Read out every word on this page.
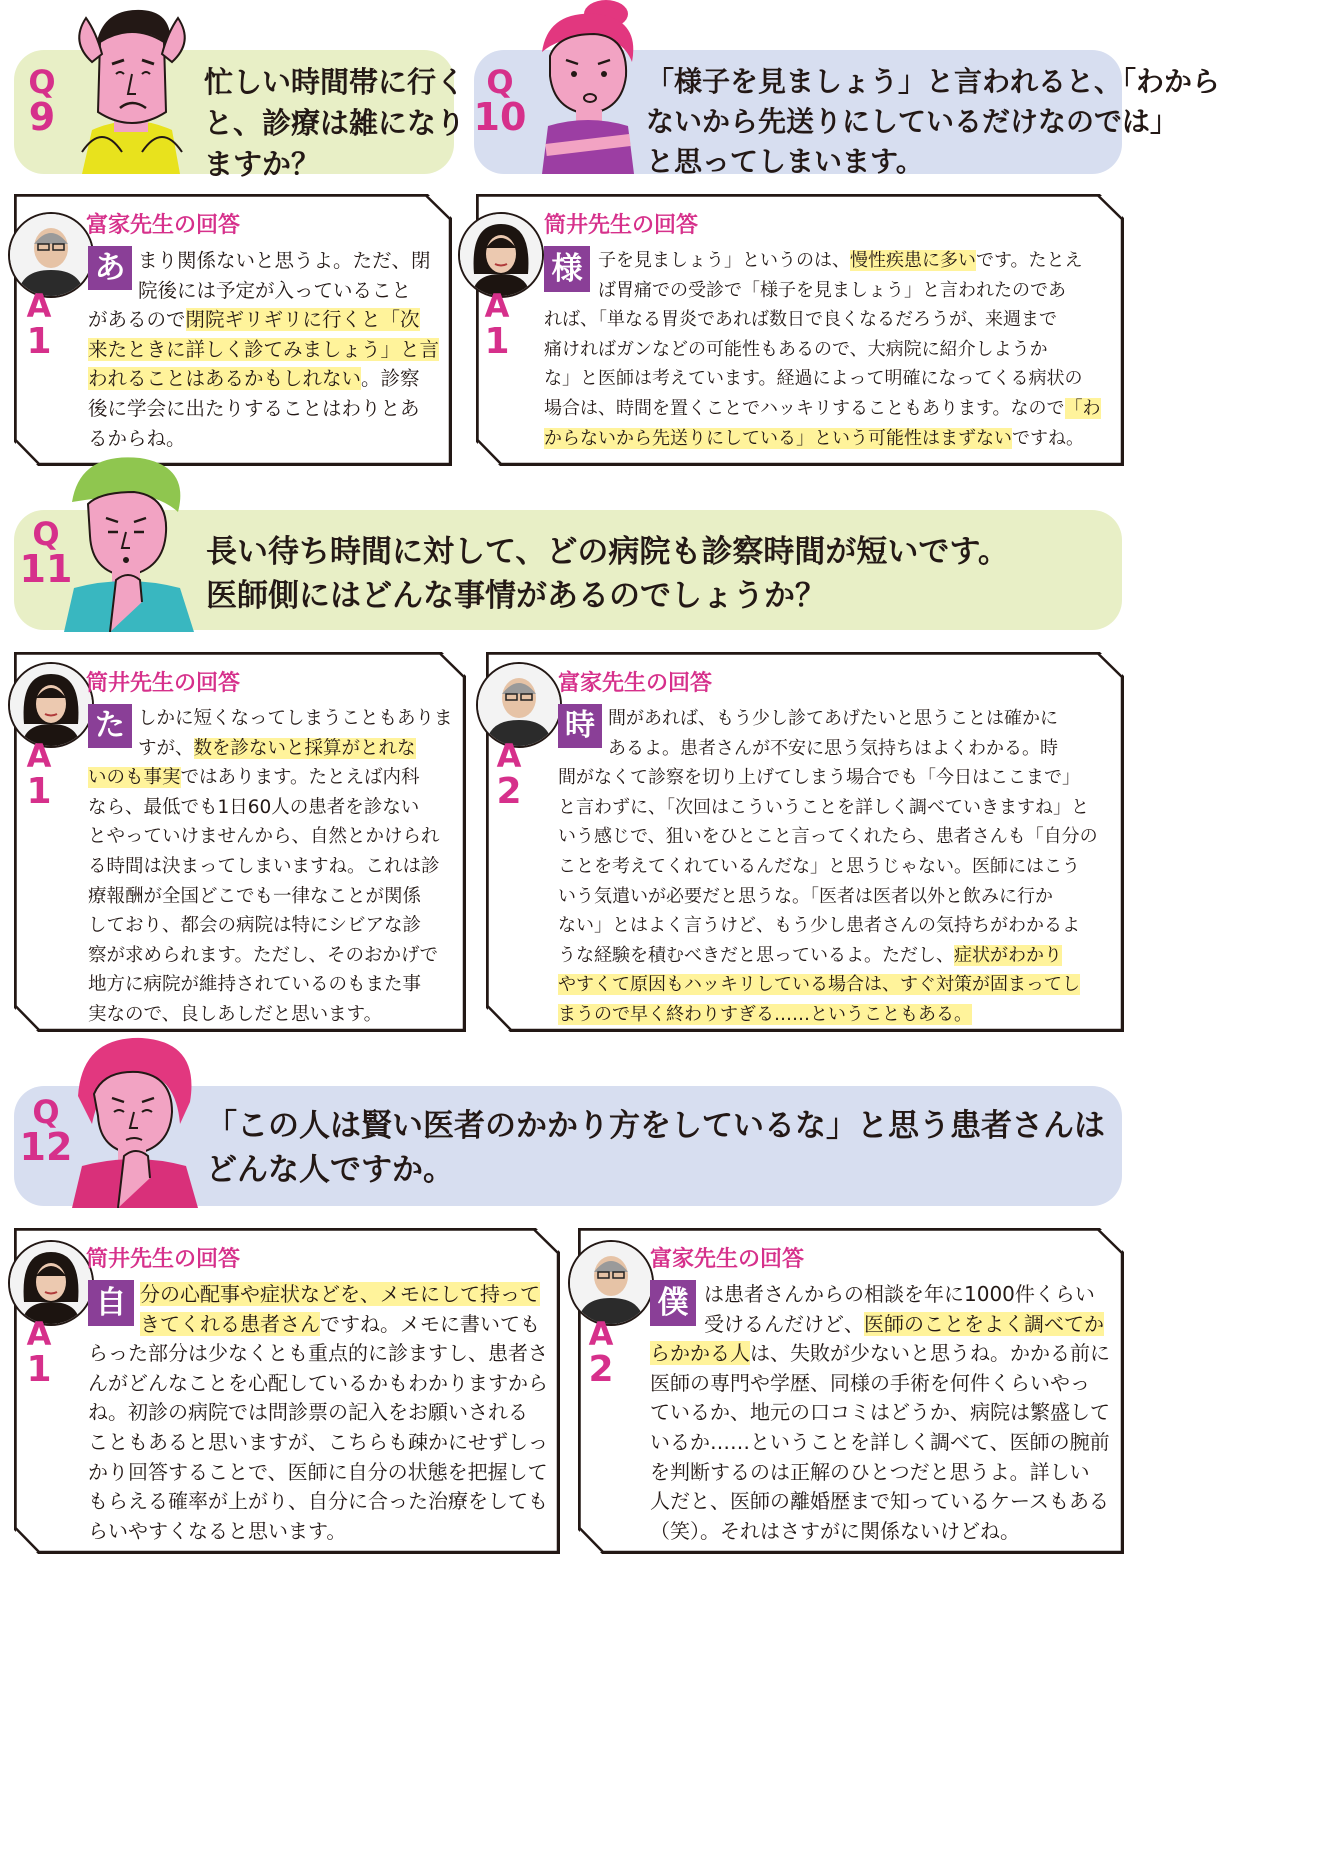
Q
9
忙しい時間帯に行く
と、診療は雑になり
ますか？
Q
10
「様子を見ましょう」と言われると、「わから
ないから先送りにしているだけなのでは」
と思ってしまいます。
A
1
富家先生の回答
あ まり関係ないと思うよ。ただ、閉
院後には予定が入っていること
があるので閉院ギリギリに行くと「次
来たときに詳しく診てみましょう」と言
われることはあるかもしれない。診察
後に学会に出たりすることはわりとあ
るからね。
A
1
筒井先生の回答
様 子を見ましょう」というのは、慢性疾患に多いです。たとえ
ば胃痛での受診で「様子を見ましょう」と言われたのであ
れば、「単なる胃炎であれば数日で良くなるだろうが、来週まで
痛ければガンなどの可能性もあるので、大病院に紹介しようか
な」と医師は考えています。経過によって明確になってくる病状の
場合は、時間を置くことでハッキリすることもあります。なので「わ
からないから先送りにしている」という可能性はまずないですね。
Q
11	長い待ち時間に対して、どの病院も診察時間が短いです。
医師側にはどんな事情があるのでしょうか？
A
1
筒井先生の回答
た しかに短くなってしまうこともありま
すが、数を診ないと採算がとれな
いのも事実ではあります。たとえば内科
なら、最低でも1日60人の患者を診ない
とやっていけませんから、自然とかけられ
る時間は決まってしまいますね。これは診
療報酬が全国どこでも一律なことが関係
しており、都会の病院は特にシビアな診
察が求められます。ただし、そのおかげで
地方に病院が維持されているのもまた事
実なので、良しあしだと思います。
A
2
富家先生の回答
時 間があれば、もう少し診てあげたいと思うことは確かに
あるよ。患者さんが不安に思う気持ちはよくわかる。時
間がなくて診察を切り上げてしまう場合でも「今日はここまで」
と言わずに、「次回はこういうことを詳しく調べていきますね」と
いう感じで、狙いをひとこと言ってくれたら、患者さんも「自分の
ことを考えてくれているんだな」と思うじゃない。医師にはこう
いう気遣いが必要だと思うな。「医者は医者以外と飲みに行か
ない」とはよく言うけど、もう少し患者さんの気持ちがわかるよ
うな経験を積むべきだと思っているよ。ただし、症状がわかり
やすくて原因もハッキリしている場合は、すぐ対策が固まってし
まうので早く終わりすぎる……ということもある。
Q
12	「この人は賢い医者のかかり方をしているな」と思う患者さんは
どんな人ですか。
A
1
筒井先生の回答
自 分の心配事や症状などを、メモにして持って
きてくれる患者さんですね。メモに書いても
らった部分は少なくとも重点的に診ますし、患者さ
んがどんなことを心配しているかもわかりますから
ね。初診の病院では問診票の記入をお願いされる
こともあると思いますが、こちらも疎かにせずしっ
かり回答することで、医師に自分の状態を把握して
もらえる確率が上がり、自分に合った治療をしても
らいやすくなると思います。
A
2
富家先生の回答
僕 は患者さんからの相談を年に1000件くらい
受けるんだけど、医師のことをよく調べてか
らかかる人は、失敗が少ないと思うね。かかる前に
医師の専門や学歴、同様の手術を何件くらいやっ
ているか、地元の口コミはどうか、病院は繁盛して
いるか……ということを詳しく調べて、医師の腕前
を判断するのは正解のひとつだと思うよ。詳しい
人だと、医師の離婚歴まで知っているケースもある
（笑）。それはさすがに関係ないけどね。
